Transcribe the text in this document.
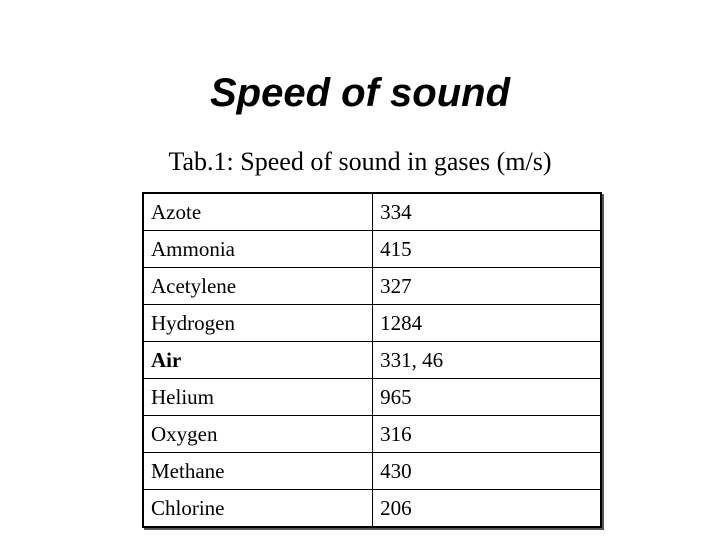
Speed of sound
Tab.1: Speed of sound in gases (m/s)
Azote	334
Ammonia	415
Acetylene	327
Hydrogen	1284
Air	331, 46
Helium	965
Oxygen	316
Methane	430
Chlorine	206
